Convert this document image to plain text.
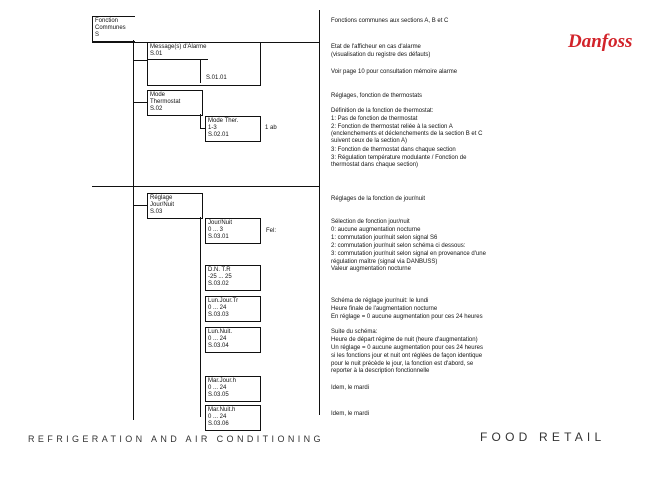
Danfoss
Fonction
Communes
S
Message(s) d'Alarme
S.01
S.01.01
Mode
Thermostat
S.02
Mode Ther.
1-3
S.02.01
1 ab
Réglage
Jour/Nuit
S.03
Jour/Nuit
0 ... 3
S.03.01
Fel:
D.N. T.R
-25 ... 25
S.03.02
Lun.Jour.Tr
0 ... 24
S.03.03
Lun.Nuit.
0 ... 24
S.03.04
Mar.Jour.h
0 ... 24
S.03.05
Mar.Nuit.h
0 ... 24
S.03.06
Fonctions communes aux sections A, B et C
Etat de l'afficheur en cas d'alarme
(visualisation du registre des défauts)
Voir page 10 pour consultation mémoire alarme
Réglages, fonction de thermostats
Définition de la fonction de thermostat:
1: Pas de fonction de thermostat
2: Fonction de thermostat reliée à la section A
(enclenchements et déclenchements de la section B et C
suivent ceux de la section A)
3: Fonction de thermostat dans chaque section
3: Régulation température modulante / Fonction de
thermostat dans chaque section)
Réglages de la fonction de jour/nuit
Sélection de fonction jour/nuit
0: aucune augmentation nocturne
1: commutation jour/nuit selon signal S6
2: commutation jour/nuit selon schéma ci dessous:
3: commutation jour/nuit selon signal en provenance d'une
régulation maître (signal via DANBUSS)
Valeur augmentation nocturne
Schéma de réglage jour/nuit: le lundi
Heure finale de l'augmentation nocturne
En réglage = 0 aucune augmentation pour ces 24 heures
Suite du schéma:
Heure de départ régime de nuit (heure d'augmentation)
Un réglage = 0 aucune augmentation pour ces 24 heures
si les fonctions jour et nuit ont réglées de façon identique
pour le nuit précède le jour, la fonction est d'abord, se
reporter à la description fonctionnelle
Idem, le mardi
Idem, le mardi
REFRIGERATION AND AIR CONDITIONING	FOOD RETAIL
